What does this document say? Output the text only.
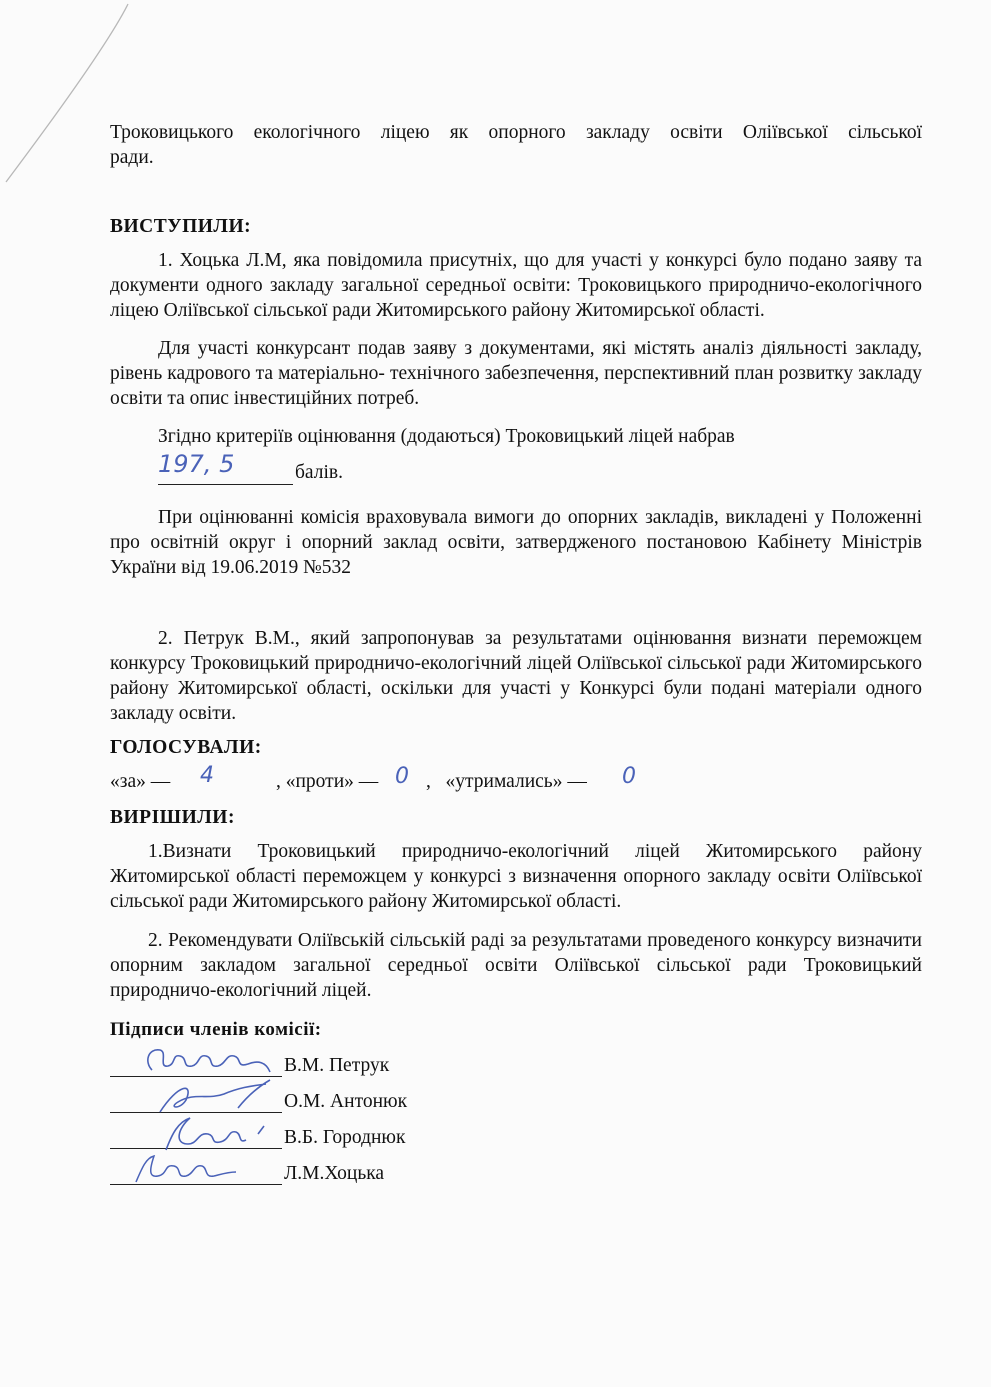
Троковицького екологічного ліцею як опорного закладу освіти Оліївської сільської

ради.

ВИСТУПИЛИ:

1. Хоцька Л.М, яка повідомила присутніх, що для участі у конкурсі було подано заяву та документи одного закладу загальної середньої освіти: Троковицького природничо-екологічного ліцею Оліївської сільської ради Житомирського району Житомирської області.

Для участі конкурсант подав заяву з документами, які містять аналіз діяльності закладу, рівень кадрового та матеріально- технічного забезпечення, перспективний план розвитку закладу освіти та опис інвестиційних потреб.

Згідно критеріїв оцінювання (додаються) Троковицький ліцей набрав

197, 5	балів.

При оцінюванні комісія враховувала вимоги до опорних закладів, викладені у Положенні про освітній округ і опорний заклад освіти, затвердженого постановою Кабінету Міністрів України від 19.06.2019 №532

2. Петрук В.М., який запропонував за результатами оцінювання визнати переможцем конкурсу Троковицький природничо-екологічний ліцей Оліївської сільської ради Житомирського району Житомирської області, оскільки для участі у Конкурсі були подані матеріали одного закладу освіти.

ГОЛОСУВАЛИ:

«за» — 4	, «проти» — 0 ,   «утримались» — 0

ВИРІШИЛИ:

1.Визнати Троковицький природничо-екологічний ліцей Житомирського району Житомирської області переможцем у конкурсі з визначення опорного закладу освіти Оліївської сільської ради Житомирського району Житомирської області.

2. Рекомендувати Оліївській сільській раді за результатами проведеного конкурсу визначити опорним закладом загальної середньої освіти Оліївської сільської ради Троковицький природничо-екологічний ліцей.

Підписи членів комісії:

В.М. Петрук
О.М. Антонюк
В.Б. Городнюк
Л.М.Хоцька
